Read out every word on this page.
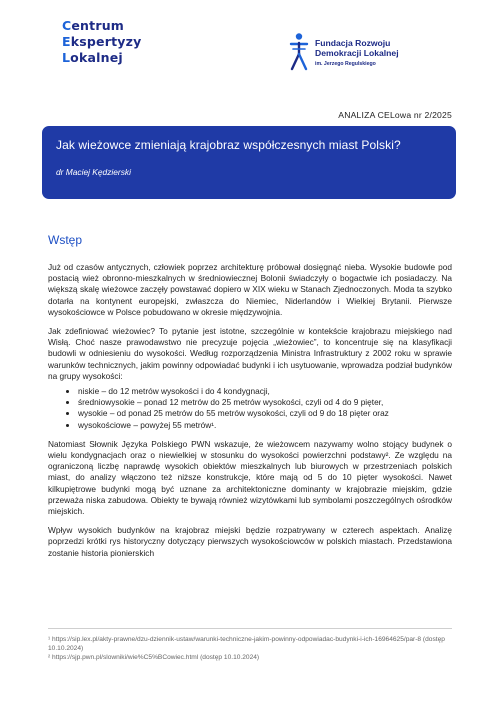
Centrum
Ekspertyzy
Lokalnej
Fundacja Rozwoju
Demokracji Lokalnej
im. Jerzego Regulskiego
ANALIZA CELowa nr 2/2025
Jak wieżowce zmieniają krajobraz współczesnych miast Polski?
dr Maciej Kędzierski
Wstęp

Już od czasów antycznych, człowiek poprzez architekturę próbował dosięgnąć nieba. Wysokie budowle pod postacią wież obronno-mieszkalnych w średniowiecznej Bolonii świadczyły o bogactwie ich posiadaczy. Na większą skalę wieżowce zaczęły powstawać dopiero w XIX wieku w Stanach Zjednoczonych. Moda ta szybko dotarła na kontynent europejski, zwłaszcza do Niemiec, Niderlandów i Wielkiej Brytanii. Pierwsze wysokościowce w Polsce pobudowano w okresie międzywojnia.

Jak zdefiniować wieżowiec? To pytanie jest istotne, szczególnie w kontekście krajobrazu miejskiego nad Wisłą. Choć nasze prawodawstwo nie precyzuje pojęcia „wieżowiec”, to koncentruje się na klasyfikacji budowli w odniesieniu do wysokości. Według rozporządzenia Ministra Infrastruktury z 2002 roku w sprawie warunków technicznych, jakim powinny odpowiadać budynki i ich usytuowanie, wprowadza podział budynków na grupy wysokości:

• niskie – do 12 metrów wysokości i do 4 kondygnacji,
• średniowysokie – ponad 12 metrów do 25 metrów wysokości, czyli od 4 do 9 pięter,
• wysokie – od ponad 25 metrów do 55 metrów wysokości, czyli od 9 do 18 pięter oraz
• wysokościowe – powyżej 55 metrów¹.

Natomiast Słownik Języka Polskiego PWN wskazuje, że wieżowcem nazywamy wolno stojący budynek o wielu kondygnacjach oraz o niewielkiej w stosunku do wysokości powierzchni podstawy². Ze względu na ograniczoną liczbę naprawdę wysokich obiektów mieszkalnych lub biurowych w przestrzeniach polskich miast, do analizy włączono też niższe konstrukcje, które mają od 5 do 10 pięter wysokości. Nawet kilkupiętrowe budynki mogą być uznane za architektoniczne dominanty w krajobrazie miejskim, gdzie przeważa niska zabudowa. Obiekty te bywają również wizytówkami lub symbolami poszczególnych ośrodków miejskich.

Wpływ wysokich budynków na krajobraz miejski będzie rozpatrywany w czterech aspektach. Analizę poprzedzi krótki rys historyczny dotyczący pierwszych wysokościowców w polskich miastach. Przedstawiona zostanie historia pionierskich

¹ https://sip.lex.pl/akty-prawne/dzu-dziennik-ustaw/warunki-techniczne-jakim-powinny-odpowiadac-budynki-i-ich-16964625/par-8 (dostęp 10.10.2024)
² https://sjp.pwn.pl/slowniki/wie%C5%BCowiec.html (dostęp 10.10.2024)
